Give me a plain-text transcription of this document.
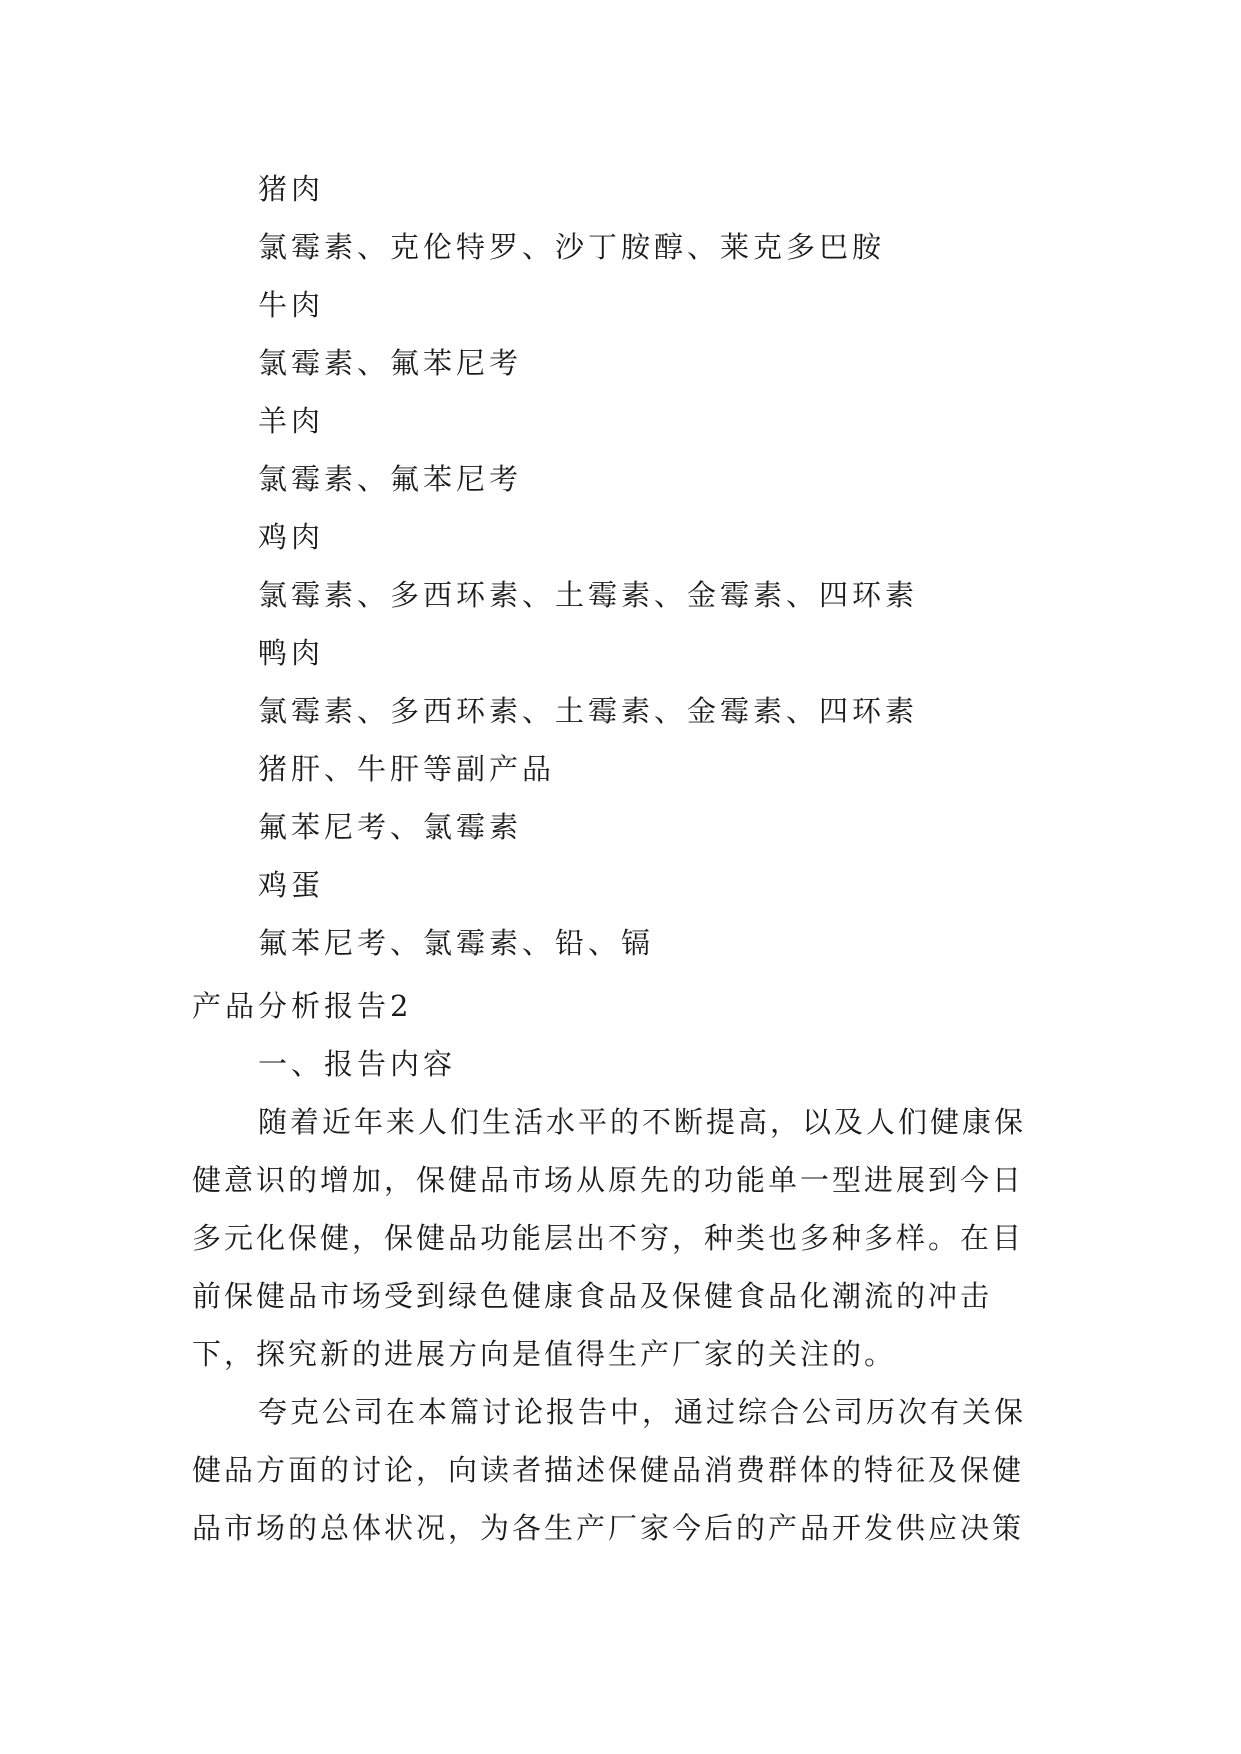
猪肉
氯霉素、克伦特罗、沙丁胺醇、莱克多巴胺
牛肉
氯霉素、氟苯尼考
羊肉
氯霉素、氟苯尼考
鸡肉
氯霉素、多西环素、土霉素、金霉素、四环素
鸭肉
氯霉素、多西环素、土霉素、金霉素、四环素
猪肝、牛肝等副产品
氟苯尼考、氯霉素
鸡蛋
氟苯尼考、氯霉素、铅、镉
产品分析报告2
一、报告内容
随着近年来人们生活水平的不断提高，以及人们健康保
健意识的增加，保健品市场从原先的功能单一型进展到今日
多元化保健，保健品功能层出不穷，种类也多种多样。在目
前保健品市场受到绿色健康食品及保健食品化潮流的冲击
下，探究新的进展方向是值得生产厂家的关注的。
夸克公司在本篇讨论报告中，通过综合公司历次有关保
健品方面的讨论，向读者描述保健品消费群体的特征及保健
品市场的总体状况，为各生产厂家今后的产品开发供应决策
